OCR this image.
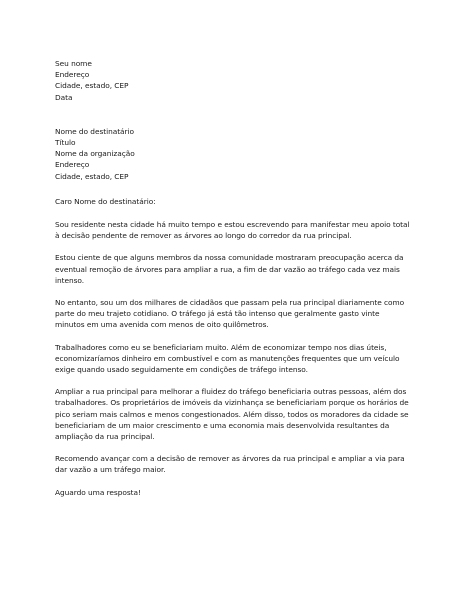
Seu nome
Endereço
Cidade, estado, CEP
Data
Nome do destinatário
Título
Nome da organização
Endereço
Cidade, estado, CEP
Caro Nome do destinatário:
Sou residente nesta cidade há muito tempo e estou escrevendo para manifestar meu apoio total
à decisão pendente de remover as árvores ao longo do corredor da rua principal.
Estou ciente de que alguns membros da nossa comunidade mostraram preocupação acerca da
eventual remoção de árvores para ampliar a rua, a fim de dar vazão ao tráfego cada vez mais
intenso.
No entanto, sou um dos milhares de cidadãos que passam pela rua principal diariamente como
parte do meu trajeto cotidiano. O tráfego já está tão intenso que geralmente gasto vinte
minutos em uma avenida com menos de oito quilômetros.
Trabalhadores como eu se beneficiariam muito. Além de economizar tempo nos dias úteis,
economizaríamos dinheiro em combustível e com as manutenções frequentes que um veículo
exige quando usado seguidamente em condições de tráfego intenso.
Ampliar a rua principal para melhorar a fluidez do tráfego beneficiaria outras pessoas, além dos
trabalhadores. Os proprietários de imóveis da vizinhança se beneficiariam porque os horários de
pico seriam mais calmos e menos congestionados. Além disso, todos os moradores da cidade se
beneficiariam de um maior crescimento e uma economia mais desenvolvida resultantes da
ampliação da rua principal.
Recomendo avançar com a decisão de remover as árvores da rua principal e ampliar a via para
dar vazão a um tráfego maior.
Aguardo uma resposta!
